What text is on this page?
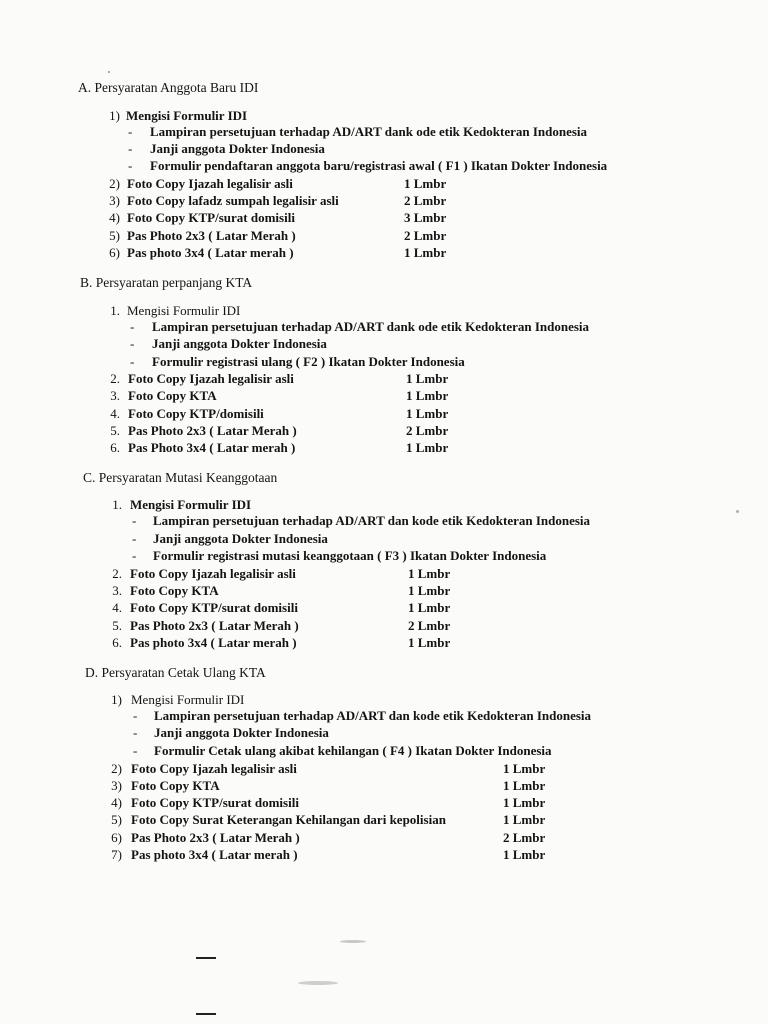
A. Persyaratan Anggota Baru IDI
1) Mengisi Formulir IDI
- Lampiran persetujuan terhadap AD/ART dank ode etik Kedokteran Indonesia
- Janji anggota Dokter Indonesia
- Formulir pendaftaran anggota baru/registrasi awal ( F1 ) Ikatan Dokter Indonesia
2) Foto Copy Ijazah legalisir asli	1 Lmbr
3) Foto Copy lafadz sumpah legalisir asli	2 Lmbr
4) Foto Copy KTP/surat domisili	3 Lmbr
5) Pas Photo 2x3 ( Latar Merah )	2 Lmbr
6) Pas photo 3x4 ( Latar merah )	1 Lmbr
B. Persyaratan perpanjang KTA
1. Mengisi Formulir IDI
- Lampiran persetujuan terhadap AD/ART dank ode etik Kedokteran Indonesia
- Janji anggota Dokter Indonesia
- Formulir registrasi ulang ( F2 ) Ikatan Dokter Indonesia
2. Foto Copy Ijazah legalisir asli	1 Lmbr
3. Foto Copy KTA	1 Lmbr
4. Foto Copy KTP/domisili	1 Lmbr
5. Pas Photo 2x3 ( Latar Merah )	2 Lmbr
6. Pas Photo 3x4 ( Latar merah )	1 Lmbr
C. Persyaratan Mutasi Keanggotaan
1. Mengisi Formulir IDI
- Lampiran persetujuan terhadap AD/ART dan kode etik Kedokteran Indonesia
- Janji anggota Dokter Indonesia
- Formulir registrasi mutasi keanggotaan ( F3 ) Ikatan Dokter Indonesia
2. Foto Copy Ijazah legalisir asli	1 Lmbr
3. Foto Copy KTA	1 Lmbr
4. Foto Copy KTP/surat domisili	1 Lmbr
5. Pas Photo 2x3 ( Latar Merah )	2 Lmbr
6. Pas photo 3x4 ( Latar merah )	1 Lmbr
D. Persyaratan Cetak Ulang KTA
1) Mengisi Formulir IDI
- Lampiran persetujuan terhadap AD/ART dan kode etik Kedokteran Indonesia
- Janji anggota Dokter Indonesia
- Formulir Cetak ulang akibat kehilangan ( F4 ) Ikatan Dokter Indonesia
2) Foto Copy Ijazah legalisir asli	1 Lmbr
3) Foto Copy KTA	1 Lmbr
4) Foto Copy KTP/surat domisili	1 Lmbr
5) Foto Copy Surat Keterangan Kehilangan dari kepolisian	1 Lmbr
6) Pas Photo 2x3 ( Latar Merah )	2 Lmbr
7) Pas photo 3x4 ( Latar merah )	1 Lmbr
